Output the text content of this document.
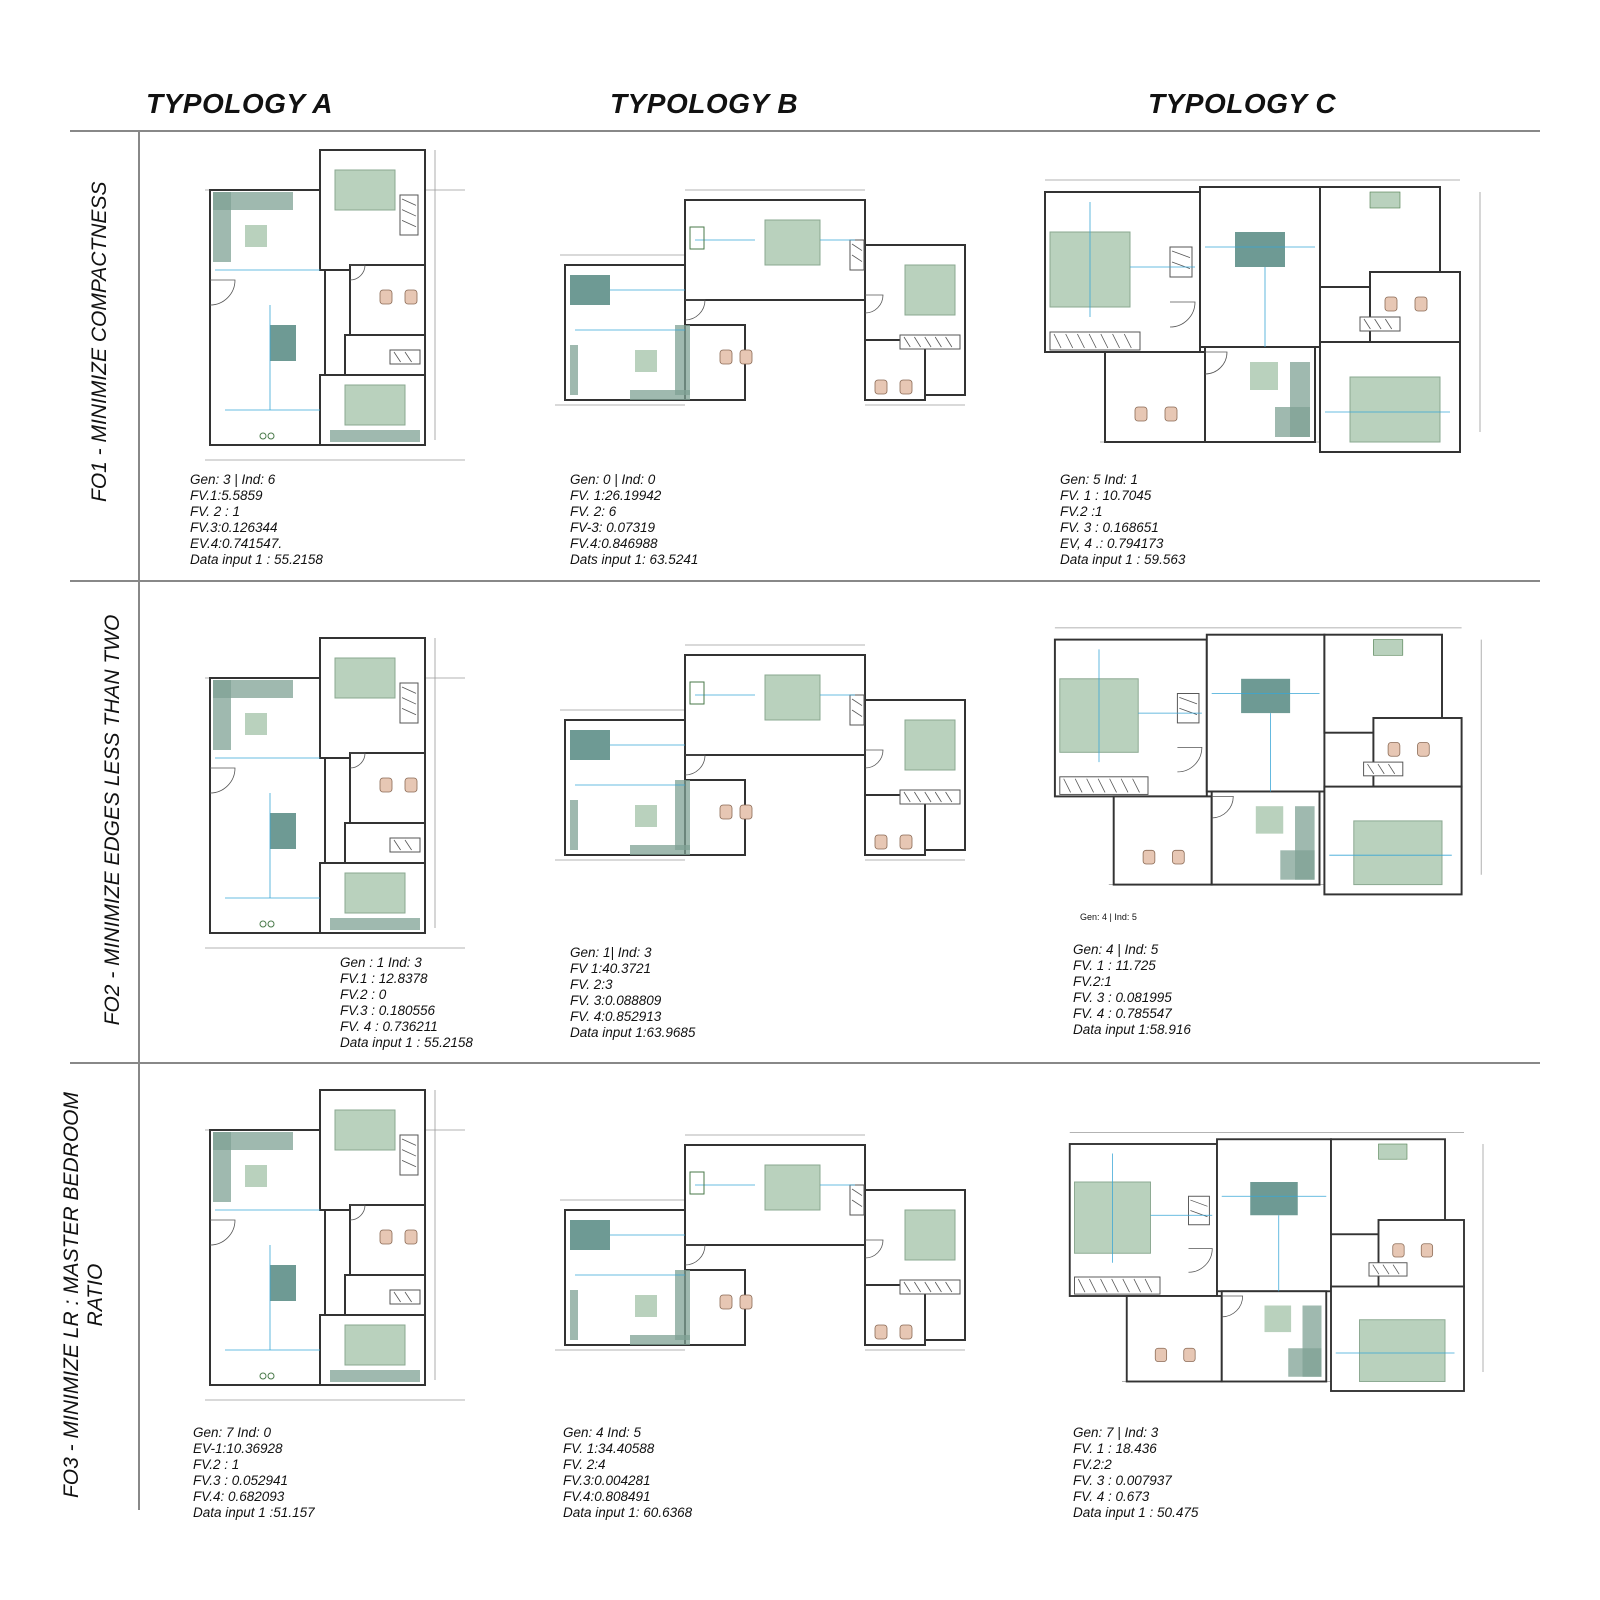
TYPOLOGY A	TYPOLOGY B	TYPOLOGY C
FO1 - MINIMIZE COMPACTNESS
FO2 - MINIMIZE EDGES LESS THAN TWO
FO3 - MINIMIZE LR : MASTER BEDROOM RATIO
Gen: 3 | Ind: 6
FV.1:5.5859
FV. 2 : 1
FV.3:0.126344
EV.4:0.741547.
Data input 1 : 55.2158
Gen: 0 | Ind: 0
FV. 1:26.19942
FV. 2: 6
FV-3: 0.07319
FV.4:0.846988
Dats input 1: 63.5241
Gen: 5 Ind: 1
FV. 1 : 10.7045
FV.2 :1
FV. 3 : 0.168651
EV, 4 .: 0.794173
Data input 1 : 59.563
Gen : 1 Ind: 3
FV.1 : 12.8378
FV.2 : 0
FV.3 : 0.180556
FV. 4 : 0.736211
Data input 1 : 55.2158
Gen: 1| Ind: 3
FV 1:40.3721
FV. 2:3
FV. 3:0.088809
FV. 4:0.852913
Data input 1:63.9685
Gen: 4 | Ind: 5
Gen: 4 | Ind: 5
FV. 1 : 11.725
FV.2:1
FV. 3 : 0.081995
FV. 4 : 0.785547
Data input 1:58.916
Gen: 7 Ind: 0
EV-1:10.36928
FV.2 : 1
FV.3 : 0.052941
FV.4: 0.682093
Data input 1 :51.157
Gen: 4 Ind: 5
FV. 1:34.40588
FV. 2:4
FV.3:0.004281
FV.4:0.808491
Data input 1: 60.6368
Gen: 7 | Ind: 3
FV. 1 : 18.436
FV.2:2
FV. 3 : 0.007937
FV. 4 : 0.673
Data input 1 : 50.475
